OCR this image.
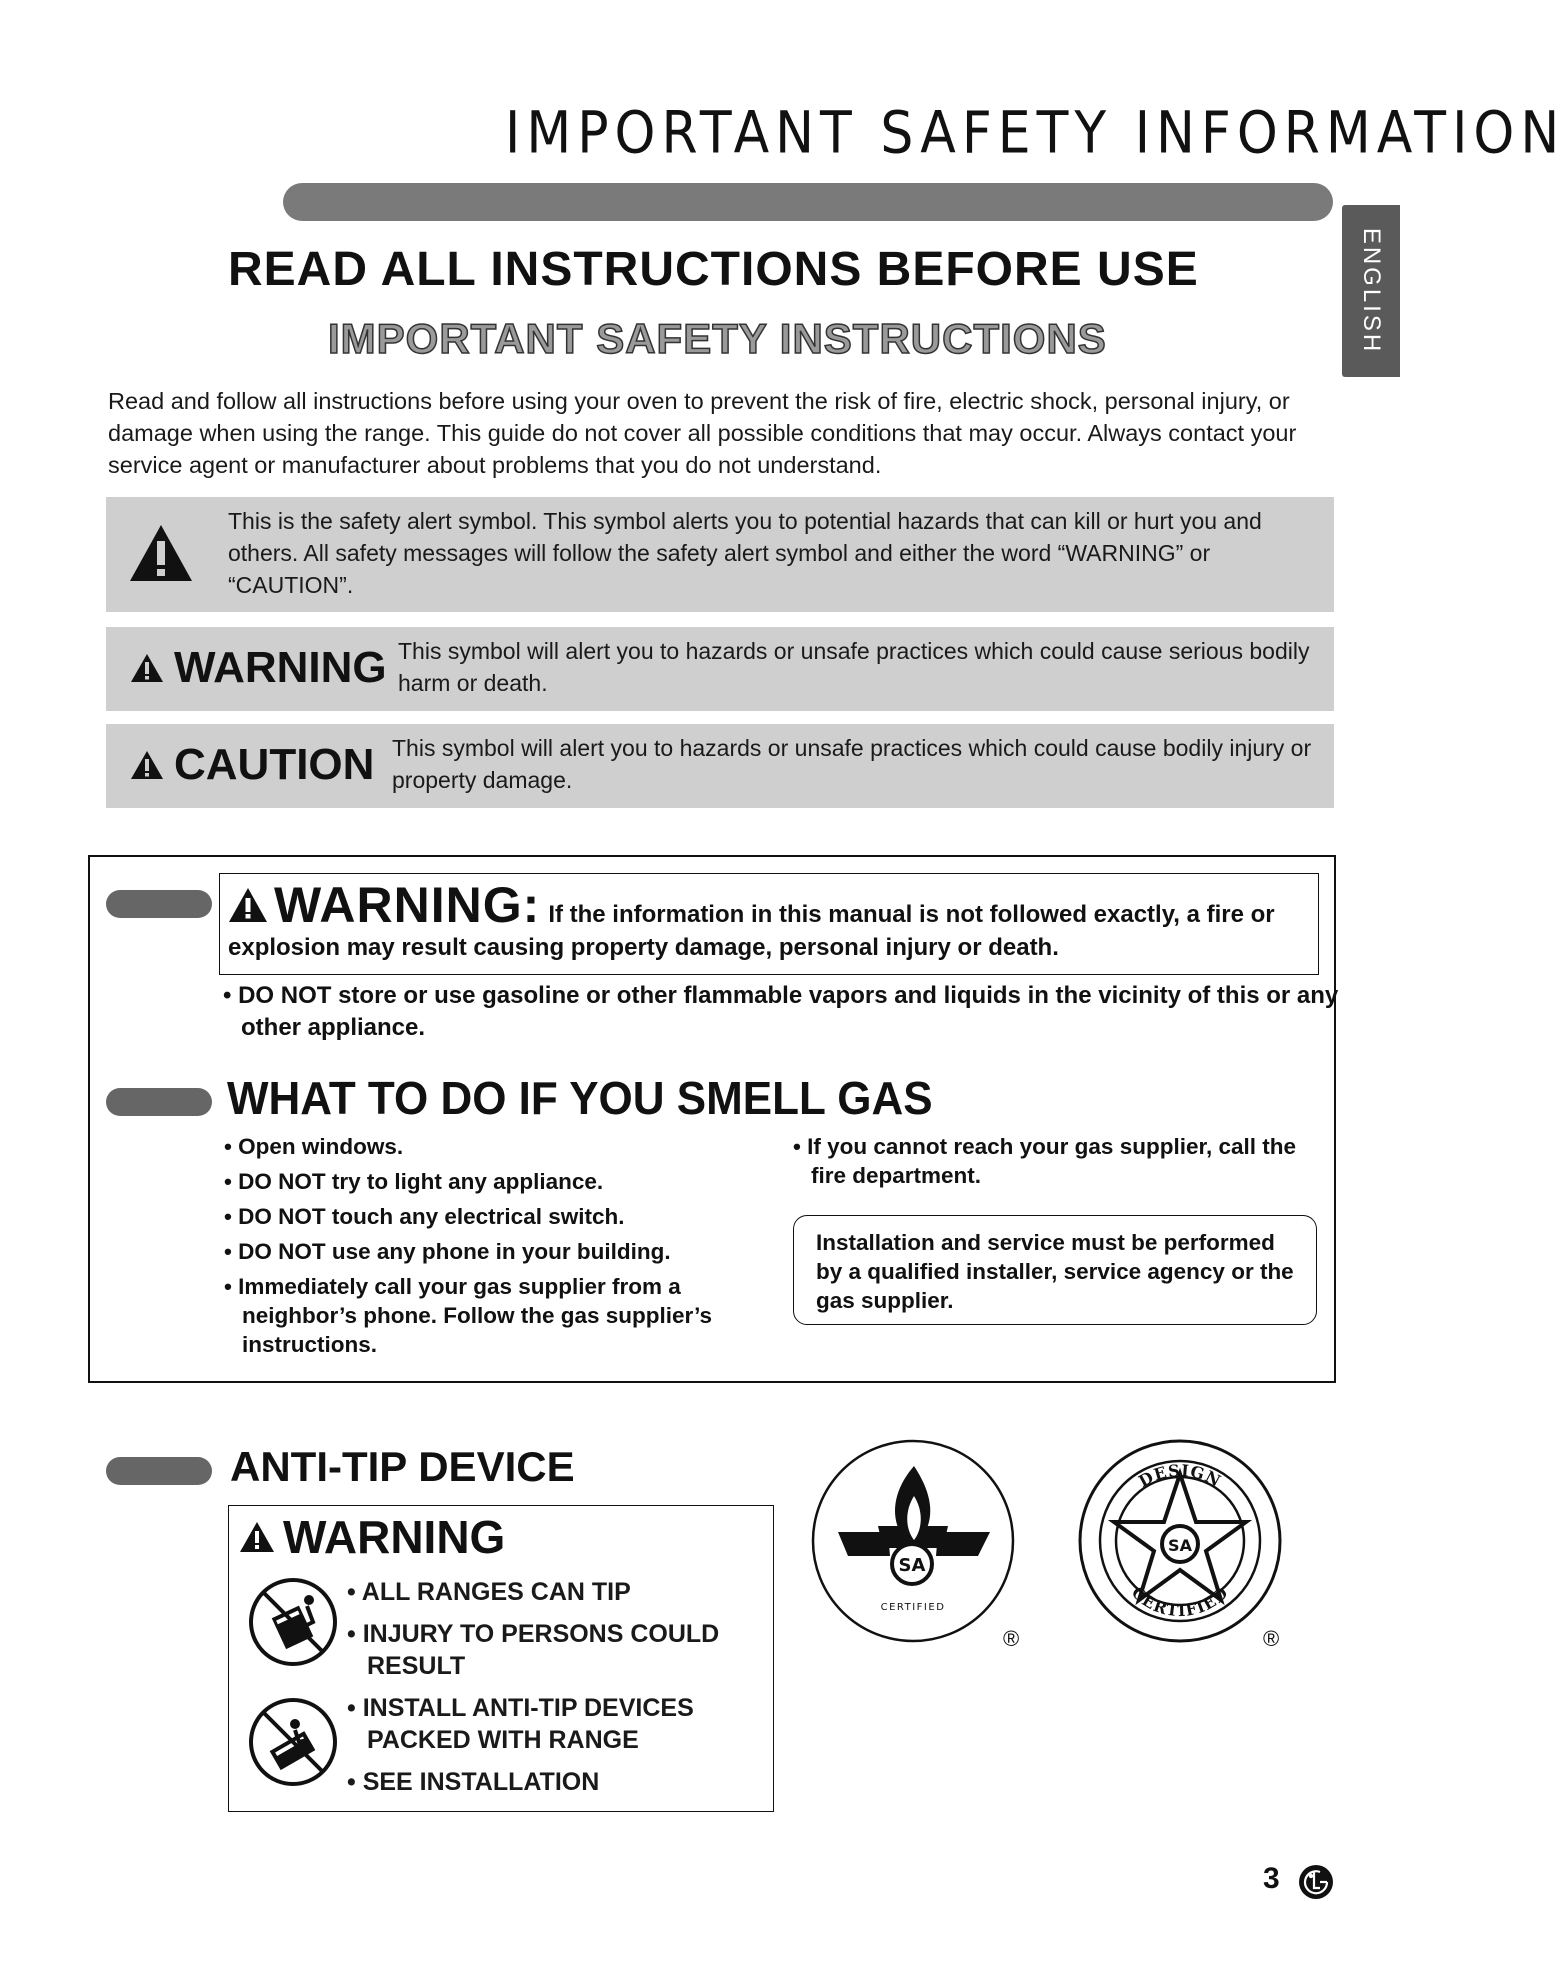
IMPORTANT SAFETY INFORMATION
ENGLISH
READ ALL INSTRUCTIONS BEFORE USE
IMPORTANT SAFETY INSTRUCTIONS
Read and follow all instructions before using your oven to prevent the risk of fire, electric shock, personal injury, or damage when using the range. This guide do not cover all possible conditions that may occur. Always contact your service agent or manufacturer about problems that you do not understand.
This is the safety alert symbol. This symbol alerts you to potential hazards that can kill or hurt you and others. All safety messages will follow the safety alert symbol and either the word “WARNING” or “CAUTION”.
WARNING This symbol will alert you to hazards or unsafe practices which could cause serious bodily harm or death.
CAUTION This symbol will alert you to hazards or unsafe practices which could cause bodily injury or property damage.
WARNING: If the information in this manual is not followed exactly, a fire or
explosion may result causing property damage, personal injury or death.
• DO NOT store or use gasoline or other flammable vapors and liquids in the vicinity of this or any
other appliance.
WHAT TO DO IF YOU SMELL GAS
• Open windows.
• DO NOT try to light any appliance.
• DO NOT touch any electrical switch.
• DO NOT use any phone in your building.
• Immediately call your gas supplier from a neighbor’s phone. Follow the gas supplier’s instructions.
• If you cannot reach your gas supplier, call the fire department.
Installation and service must be performed by a qualified installer, service agency or the gas supplier.
ANTI-TIP DEVICE
WARNING
• ALL RANGES CAN TIP
• INJURY TO PERSONS COULD RESULT
• INSTALL ANTI-TIP DEVICES PACKED WITH RANGE
• SEE INSTALLATION
SA
CERTIFIED
®
SA
DESIGN
CERTIFIED
®
3
